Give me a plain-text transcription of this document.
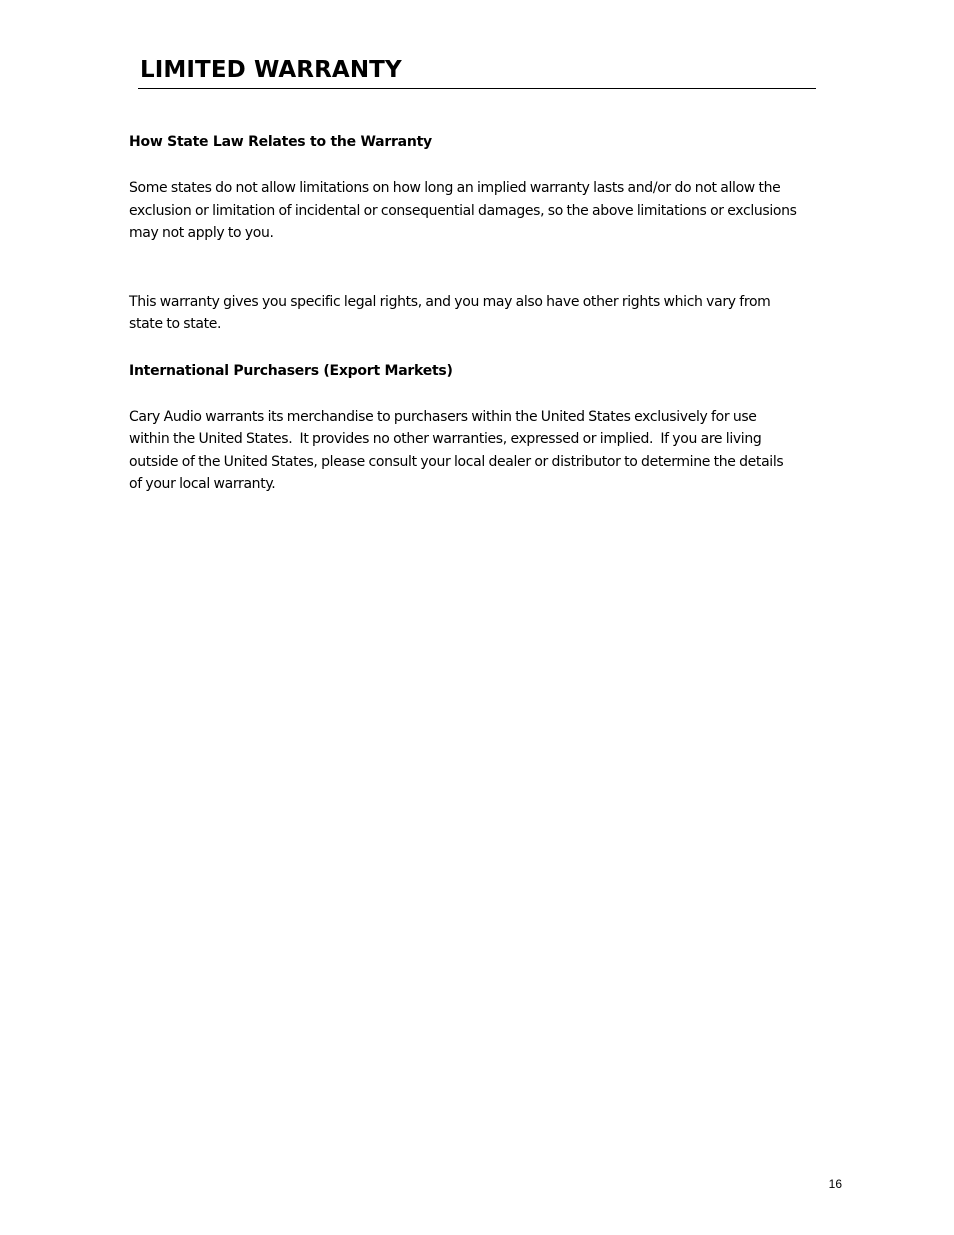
LIMITED WARRANTY
How State Law Relates to the Warranty

Some states do not allow limitations on how long an implied warranty lasts and/or do not allow the
exclusion or limitation of incidental or consequential damages, so the above limitations or exclusions
may not apply to you.

This warranty gives you specific legal rights, and you may also have other rights which vary from
state to state.

International Purchasers (Export Markets)

Cary Audio warrants its merchandise to purchasers within the United States exclusively for use
within the United States.  It provides no other warranties, expressed or implied.  If you are living
outside of the United States, please consult your local dealer or distributor to determine the details
of your local warranty.

16
